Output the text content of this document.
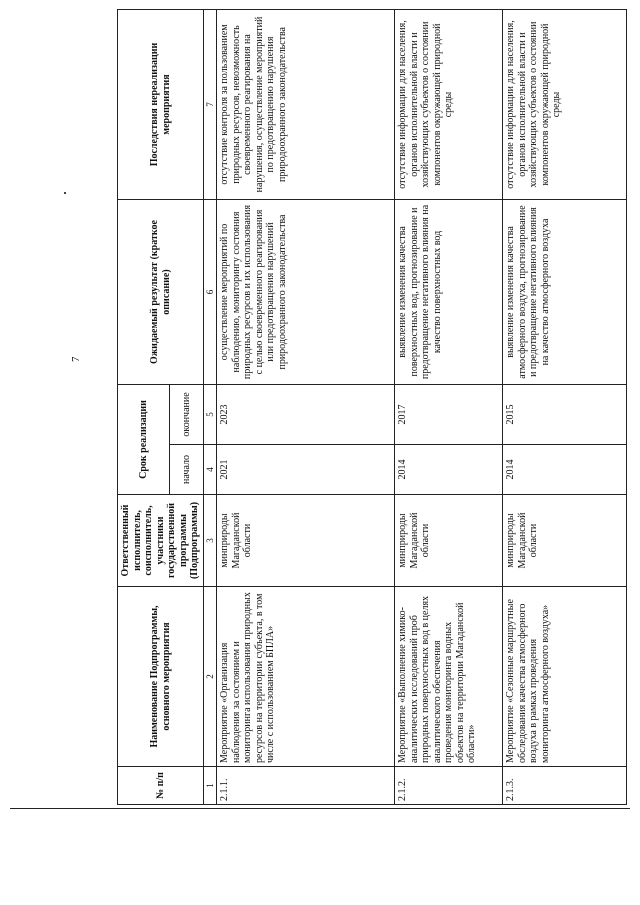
7
№ п/п	Наименование Подпрограммы, основного мероприятия	Ответственный исполнитель, соисполнитель, участники государственной программы (Подпрограммы)	Срок реализации		Ожидаемый результат (краткое описание)	Последствия нереализации мероприятия
			начало	окончание		
1	2	3	4	5	6	7
2.1.1.	Мероприятие «Организация наблюдения за состоянием и мониторинга использования природных ресурсов на территории субъекта, в том числе с использованием БПЛА»	минприроды Магаданской области	2021	2023	осуществление мероприятий по наблюдению, мониторингу состояния природных ресурсов и их использования с целью своевременного реагирования или предотвращения нарушений природоохранного законодательства	отсутствие контроля за пользованием природных ресурсов, невозможность своевременного реагирования на нарушения, осуществление мероприятий по предотвращению нарушения природоохранного законодательства
2.1.2.	Мероприятие «Выполнение химико-аналитических исследований проб природных поверхностных вод в целях аналитического обеспечения проведения мониторинга водных объектов на территории Магаданской области»	минприроды Магаданской области	2014	2017	выявление изменения качества поверхностных вод, прогнозирование и предотвращение негативного влияния на качество поверхностных вод	отсутствие информации для населения, органов исполнительной власти и хозяйствующих субъектов о состоянии компонентов окружающей природной среды
2.1.3.	Мероприятие «Сезонные маршрутные обследования качества атмосферного воздуха в рамках проведения мониторинга атмосферного воздуха»	минприроды Магаданской области	2014	2015	выявление изменения качества атмосферного воздуха, прогнозирование и предотвращение негативного влияния на качество атмосферного воздуха	отсутствие информации для населения, органов исполнительной власти и хозяйствующих субъектов о состоянии компонентов окружающей природной среды
